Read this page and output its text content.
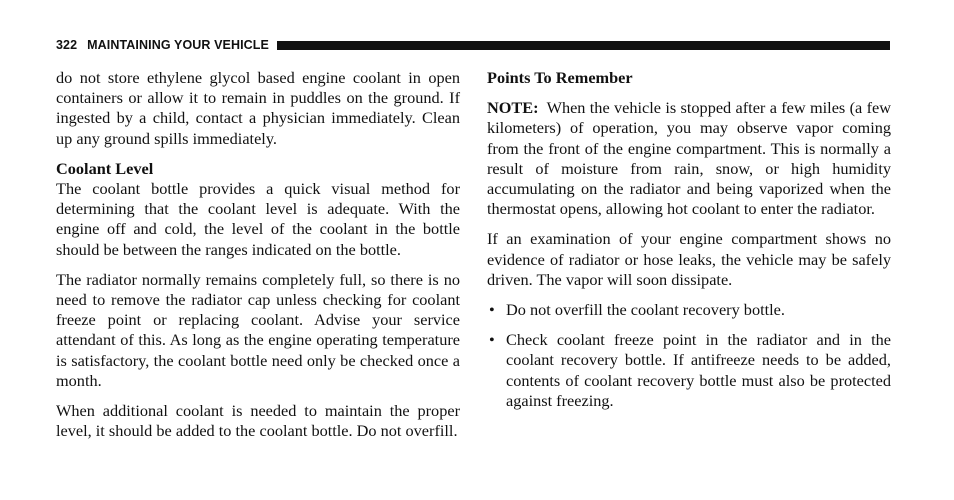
322 MAINTAINING YOUR VEHICLE

do not store ethylene glycol based engine coolant in open containers or allow it to remain in puddles on the ground. If ingested by a child, contact a physician immediately. Clean up any ground spills immediately.

Coolant Level

The coolant bottle provides a quick visual method for determining that the coolant level is adequate. With the engine off and cold, the level of the coolant in the bottle should be between the ranges indicated on the bottle.

The radiator normally remains completely full, so there is no need to remove the radiator cap unless checking for coolant freeze point or replacing coolant. Advise your service attendant of this. As long as the engine operating temperature is satisfactory, the coolant bottle need only be checked once a month.

When additional coolant is needed to maintain the proper level, it should be added to the coolant bottle. Do not overfill.

Points To Remember

NOTE: When the vehicle is stopped after a few miles (a few kilometers) of operation, you may observe vapor coming from the front of the engine compartment. This is normally a result of moisture from rain, snow, or high humidity accumulating on the radiator and being vaporized when the thermostat opens, allowing hot coolant to enter the radiator.

If an examination of your engine compartment shows no evidence of radiator or hose leaks, the vehicle may be safely driven. The vapor will soon dissipate.

• Do not overfill the coolant recovery bottle.
• Check coolant freeze point in the radiator and in the coolant recovery bottle. If antifreeze needs to be added, contents of coolant recovery bottle must also be protected against freezing.
